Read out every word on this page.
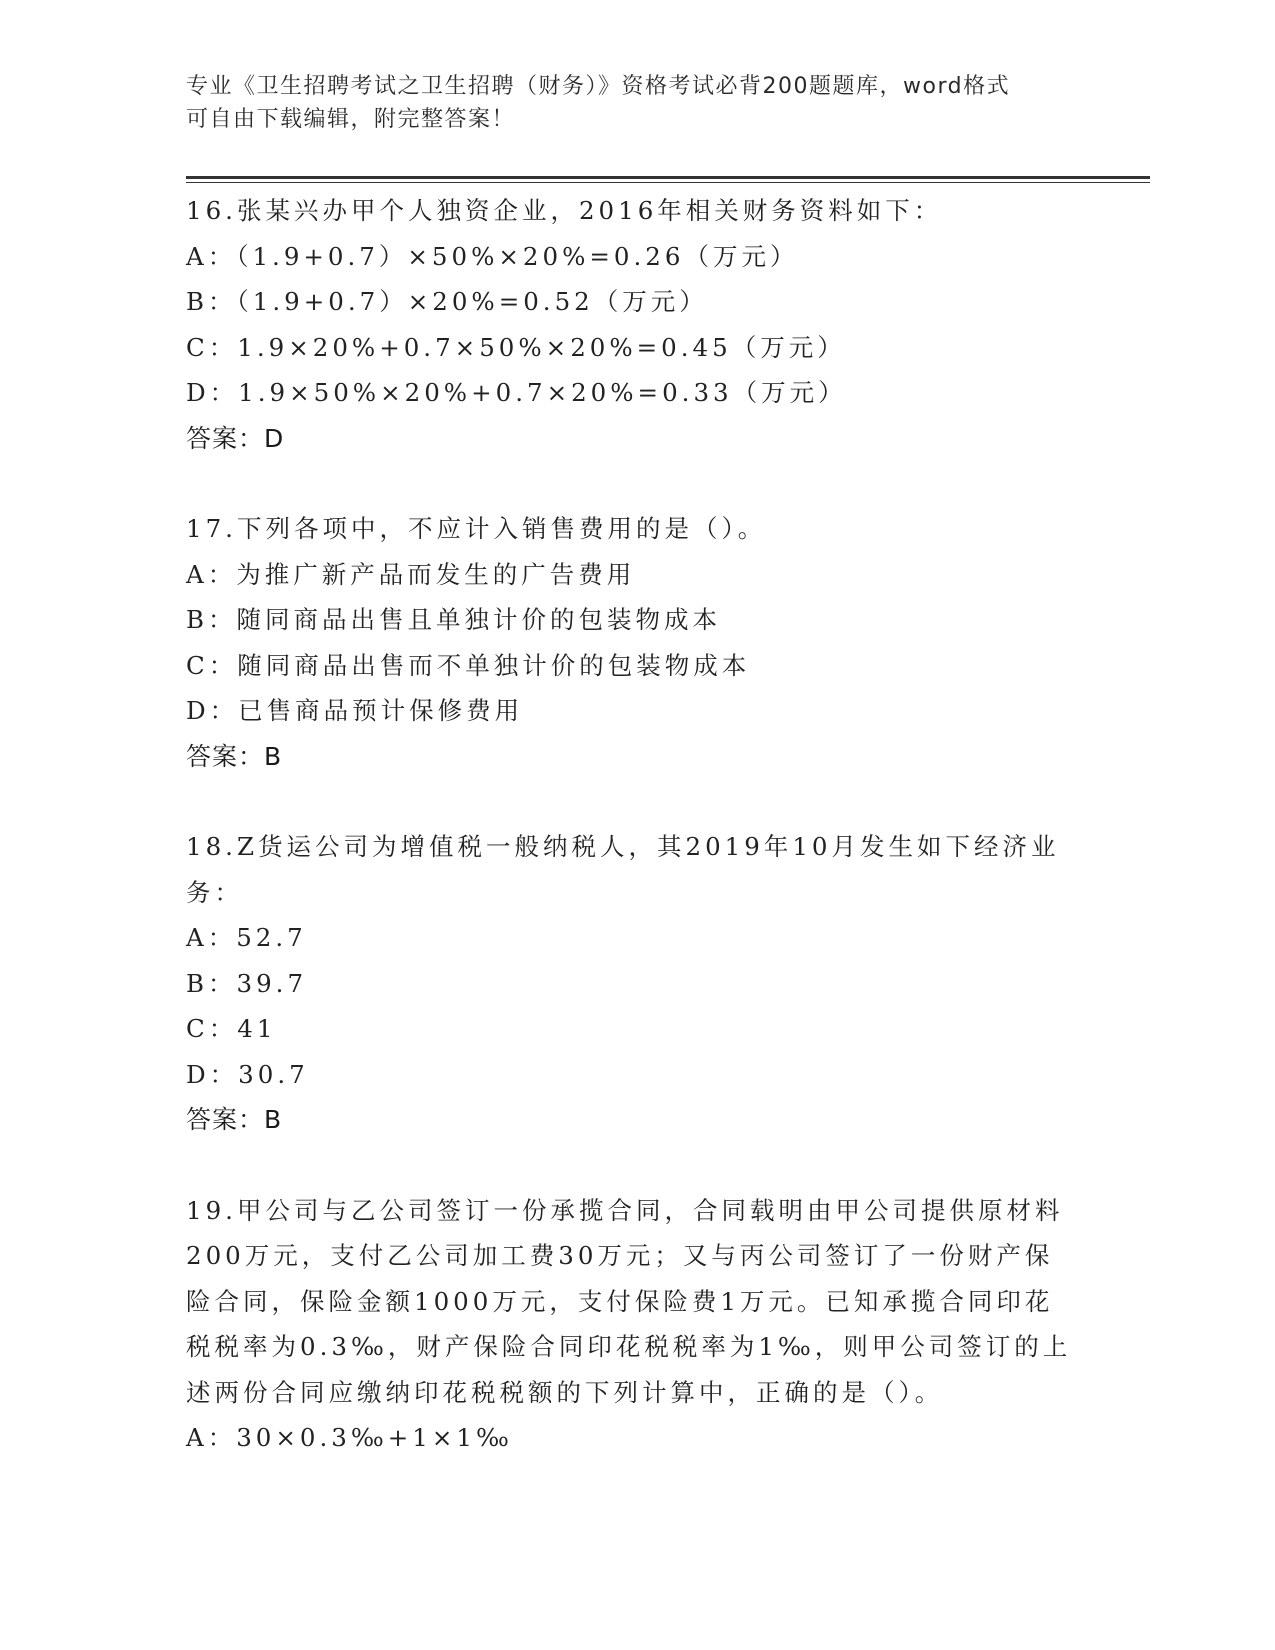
专业《卫生招聘考试之卫生招聘（财务）》资格考试必背200题题库，word格式
可自由下载编辑，附完整答案！
16.张某兴办甲个人独资企业，2016年相关财务资料如下：
A：（1.9+0.7）×50%×20%=0.26（万元）
B：（1.9+0.7）×20%=0.52（万元）
C：1.9×20%+0.7×50%×20%=0.45（万元）
D：1.9×50%×20%+0.7×20%=0.33（万元）
答案：D
17.下列各项中，不应计入销售费用的是（）。
A：为推广新产品而发生的广告费用
B：随同商品出售且单独计价的包装物成本
C：随同商品出售而不单独计价的包装物成本
D：已售商品预计保修费用
答案：B
18.Z货运公司为增值税一般纳税人，其2019年10月发生如下经济业务：
A：52.7
B：39.7
C：41
D：30.7
答案：B
19.甲公司与乙公司签订一份承揽合同，合同载明由甲公司提供原材料200万元，支付乙公司加工费30万元；又与丙公司签订了一份财产保险合同，保险金额1000万元，支付保险费1万元。已知承揽合同印花税税率为0.3‰，财产保险合同印花税税率为1‰，则甲公司签订的上述两份合同应缴纳印花税税额的下列计算中，正确的是（）。
A：30×0.3‰+1×1‰
